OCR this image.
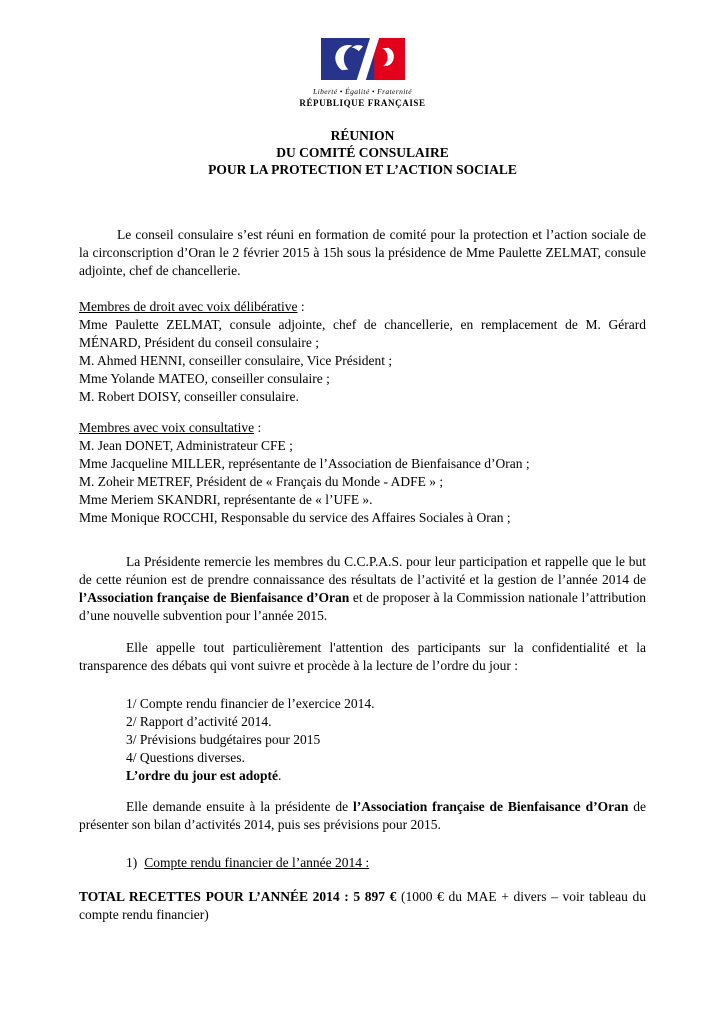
Liberté • Égalité • Fraternité
RÉPUBLIQUE FRANÇAISE
RÉUNION
DU COMITÉ CONSULAIRE
POUR LA PROTECTION ET L’ACTION SOCIALE

Le conseil consulaire s’est réuni en formation de comité pour la protection et l’action sociale de la circonscription d’Oran le 2 février 2015 à 15h sous la présidence de Mme Paulette ZELMAT, consule adjointe, chef de chancellerie.

Membres de droit avec voix délibérative :

Mme Paulette ZELMAT, consule adjointe, chef de chancellerie, en remplacement de M. Gérard MÉNARD, Président du conseil consulaire ;

M. Ahmed HENNI, conseiller consulaire, Vice Président ;

Mme Yolande MATEO, conseiller consulaire ;

M. Robert DOISY, conseiller consulaire.

Membres avec voix consultative :

M. Jean DONET, Administrateur CFE ;

Mme Jacqueline MILLER, représentante de l’Association de Bienfaisance d’Oran ;

M. Zoheir METREF, Président de « Français du Monde - ADFE » ;

Mme Meriem SKANDRI, représentante de « l’UFE ».

Mme Monique ROCCHI, Responsable du service des Affaires Sociales à Oran ;

La Présidente remercie les membres du C.C.P.A.S. pour leur participation et rappelle que le but de cette réunion est de prendre connaissance des résultats de l’activité et la gestion de l’année 2014 de l’Association française de Bienfaisance d’Oran et de proposer à la Commission nationale l’attribution d’une nouvelle subvention pour l’année 2015.

Elle appelle tout particulièrement l'attention des participants sur la confidentialité et la transparence des débats qui vont suivre et procède à la lecture de l’ordre du jour :

1/ Compte rendu financier de l’exercice 2014.

2/ Rapport d’activité 2014.

3/ Prévisions budgétaires pour 2015

4/ Questions diverses.

L’ordre du jour est adopté.

Elle demande ensuite à la présidente de l’Association française de Bienfaisance d’Oran de présenter son bilan d’activités 2014, puis ses prévisions pour 2015.

1) Compte rendu financier de l’année 2014 :

TOTAL RECETTES POUR L’ANNÉE 2014 : 5 897 € (1000 € du MAE + divers – voir tableau du compte rendu financier)
